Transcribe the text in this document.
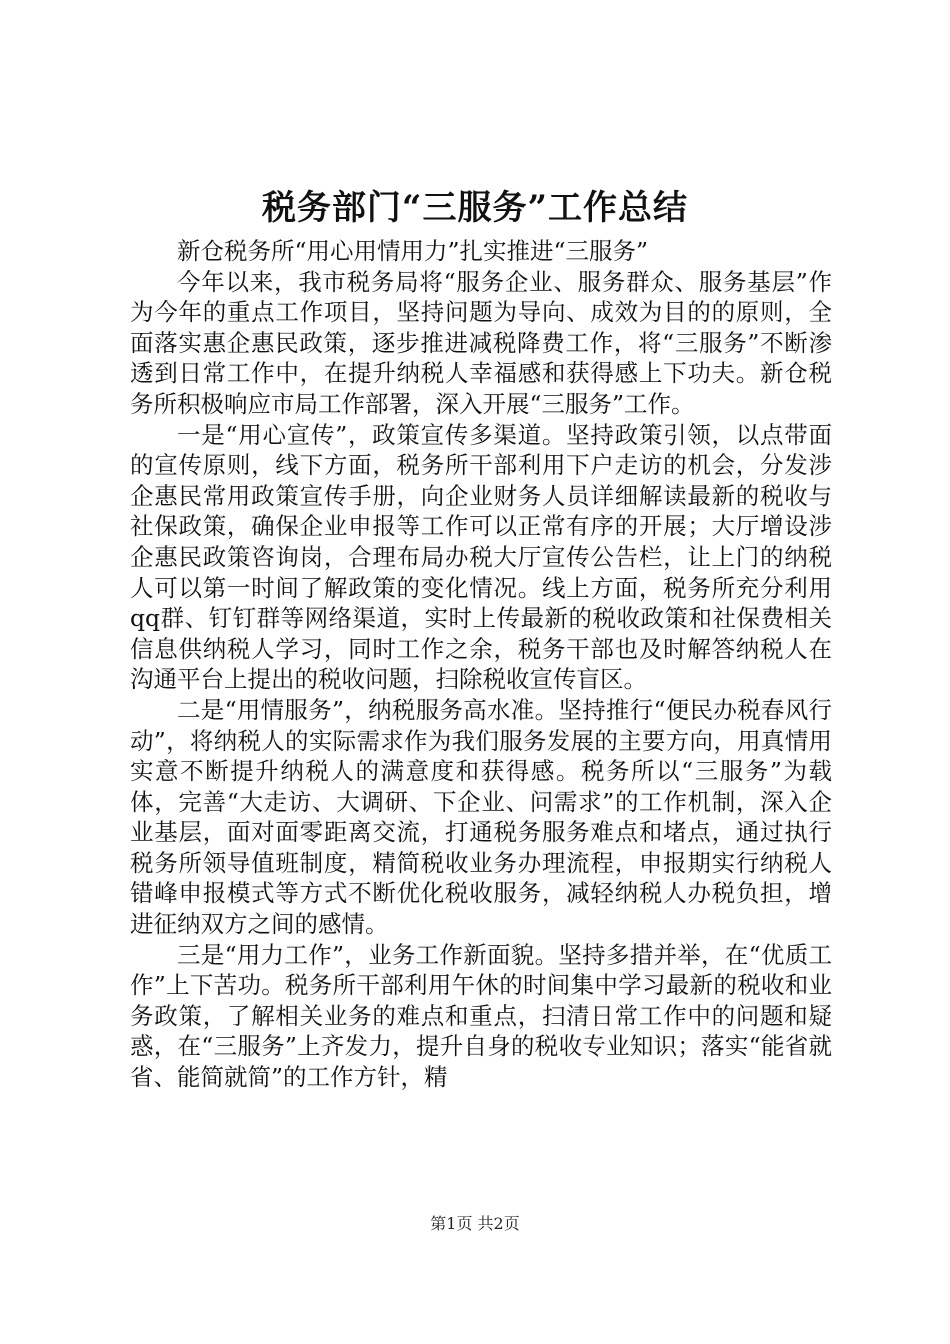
税务部门“三服务”工作总结

新仓税务所“用心用情用力”扎实推进“三服务”

今年以来，我市税务局将“服务企业、服务群众、服务基层”作为今年的重点工作项目，坚持问题为导向、成效为目的的原则，全面落实惠企惠民政策，逐步推进减税降费工作，将“三服务”不断渗透到日常工作中，在提升纳税人幸福感和获得感上下功夫。新仓税务所积极响应市局工作部署，深入开展“三服务”工作。

一是“用心宣传”，政策宣传多渠道。坚持政策引领，以点带面的宣传原则，线下方面，税务所干部利用下户走访的机会，分发涉企惠民常用政策宣传手册，向企业财务人员详细解读最新的税收与社保政策，确保企业申报等工作可以正常有序的开展；大厅增设涉企惠民政策咨询岗，合理布局办税大厅宣传公告栏，让上门的纳税人可以第一时间了解政策的变化情况。线上方面，税务所充分利用qq群、钉钉群等网络渠道，实时上传最新的税收政策和社保费相关信息供纳税人学习，同时工作之余，税务干部也及时解答纳税人在沟通平台上提出的税收问题，扫除税收宣传盲区。

二是“用情服务”，纳税服务高水准。坚持推行“便民办税春风行动”，将纳税人的实际需求作为我们服务发展的主要方向，用真情用实意不断提升纳税人的满意度和获得感。税务所以“三服务”为载体，完善“大走访、大调研、下企业、问需求”的工作机制，深入企业基层，面对面零距离交流，打通税务服务难点和堵点，通过执行税务所领导值班制度，精简税收业务办理流程，申报期实行纳税人错峰申报模式等方式不断优化税收服务，减轻纳税人办税负担，增进征纳双方之间的感情。

三是“用力工作”，业务工作新面貌。坚持多措并举，在“优质工作”上下苦功。税务所干部利用午休的时间集中学习最新的税收和业务政策，了解相关业务的难点和重点，扫清日常工作中的问题和疑惑，在“三服务”上齐发力，提升自身的税收专业知识；落实“能省就省、能简就简”的工作方针，精

第1页 共2页
